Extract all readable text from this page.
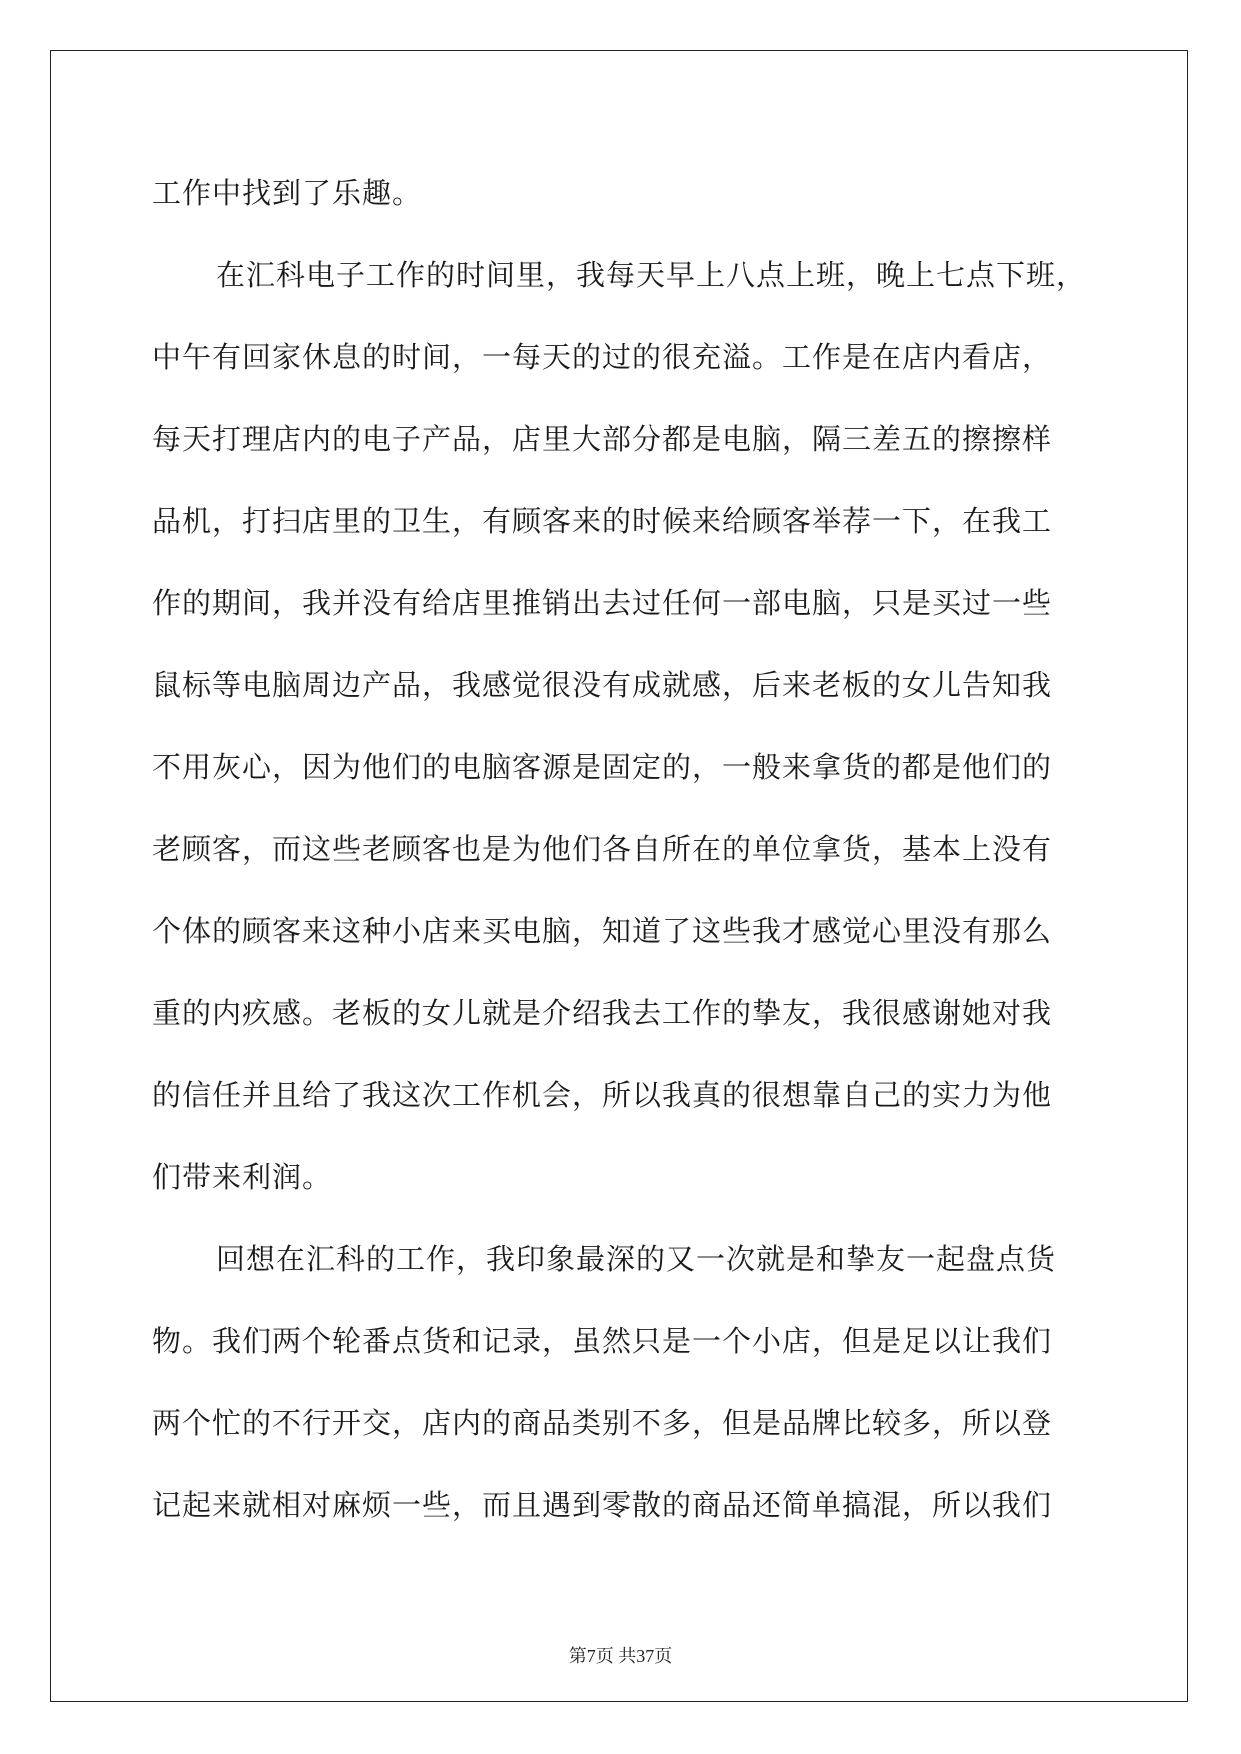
工作中找到了乐趣。
在汇科电子工作的时间里，我每天早上八点上班，晚上七点下班，
中午有回家休息的时间，一每天的过的很充溢。工作是在店内看店，
每天打理店内的电子产品，店里大部分都是电脑，隔三差五的擦擦样
品机，打扫店里的卫生，有顾客来的时候来给顾客举荐一下，在我工
作的期间，我并没有给店里推销出去过任何一部电脑，只是买过一些
鼠标等电脑周边产品，我感觉很没有成就感，后来老板的女儿告知我
不用灰心，因为他们的电脑客源是固定的，一般来拿货的都是他们的
老顾客，而这些老顾客也是为他们各自所在的单位拿货，基本上没有
个体的顾客来这种小店来买电脑，知道了这些我才感觉心里没有那么
重的内疚感。老板的女儿就是介绍我去工作的挚友，我很感谢她对我
的信任并且给了我这次工作机会，所以我真的很想靠自己的实力为他
们带来利润。
回想在汇科的工作，我印象最深的又一次就是和挚友一起盘点货
物。我们两个轮番点货和记录，虽然只是一个小店，但是足以让我们
两个忙的不行开交，店内的商品类别不多，但是品牌比较多，所以登
记起来就相对麻烦一些，而且遇到零散的商品还简单搞混，所以我们
第7页 共37页
